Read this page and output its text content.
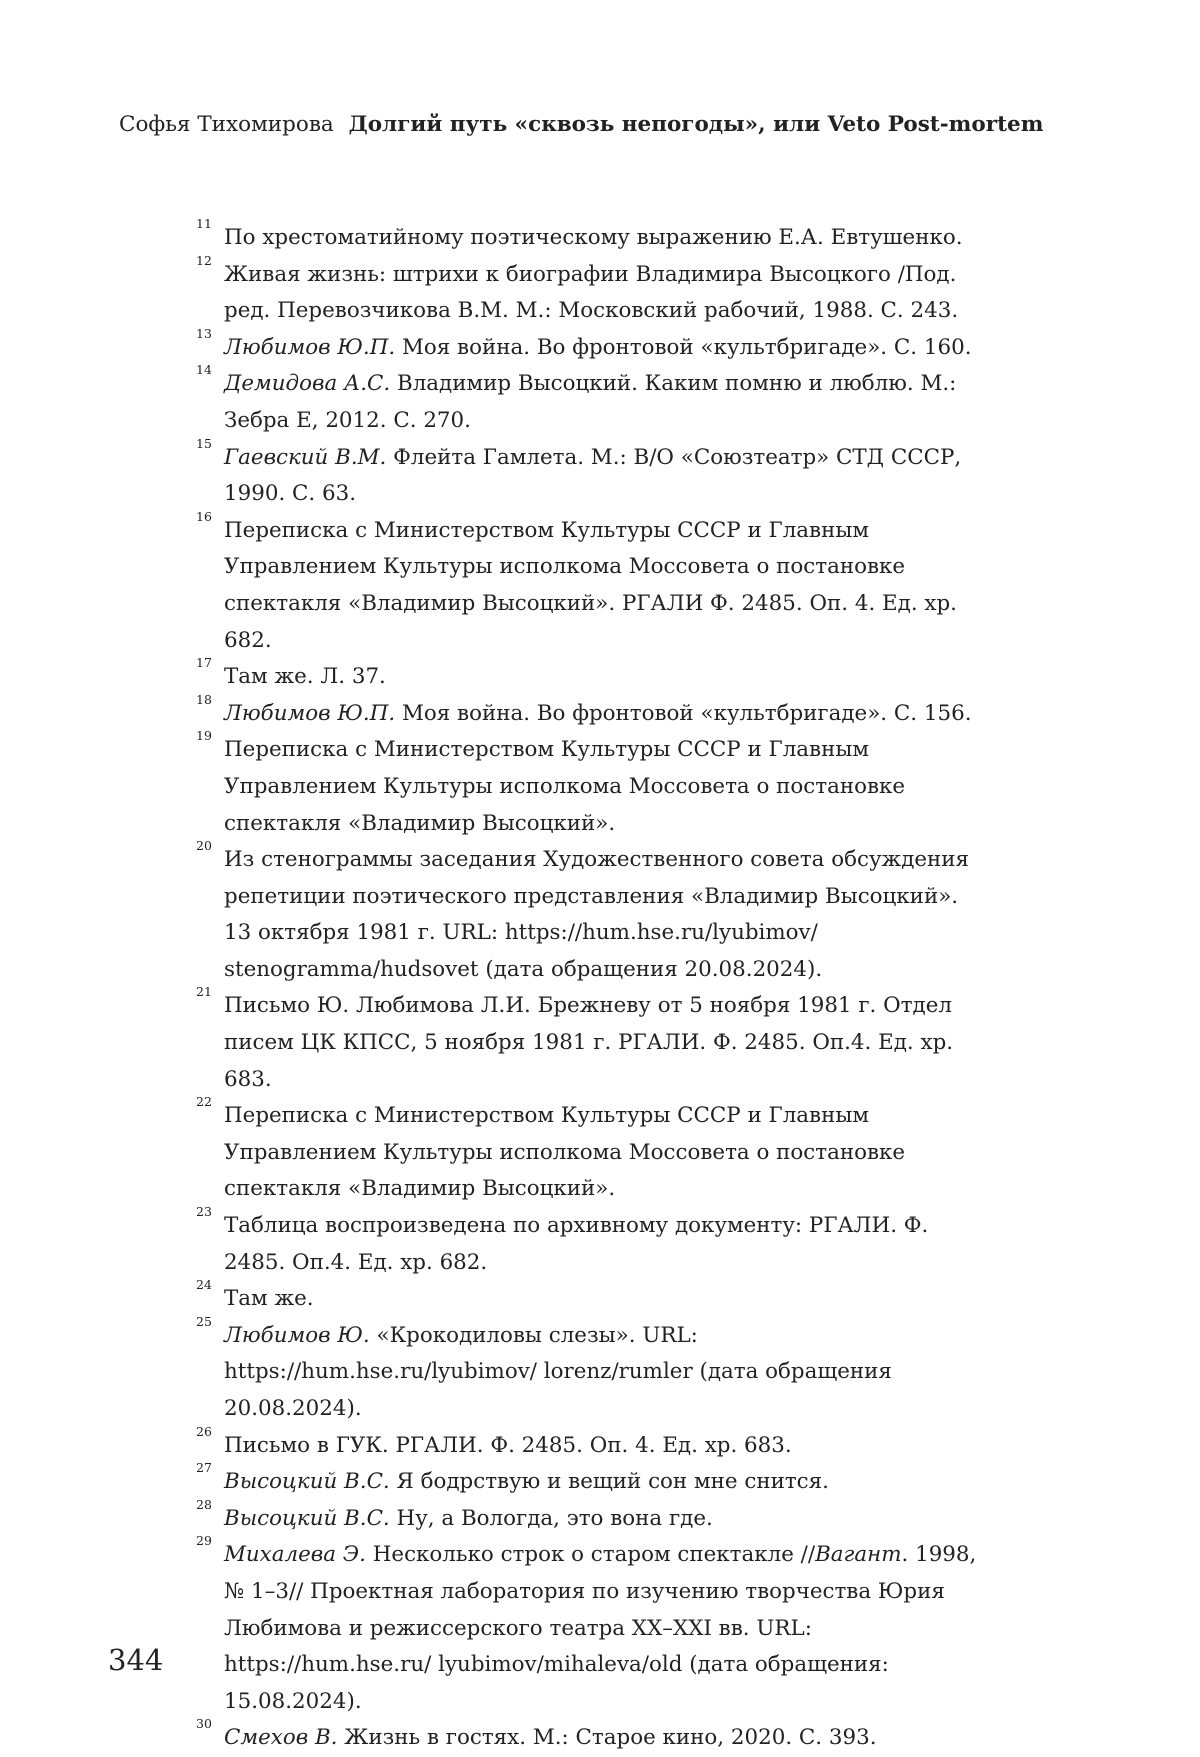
Софья Тихомирова Долгий путь «сквозь непогоды», или Veto Post-mortem
11
По хрестоматийному поэтическому выражению Е.А. Евтушенко.
12
Живая жизнь: штрихи к биографии Владимира Высоцкого /Под. ред. Перевозчикова В.М. М.: Московский рабочий, 1988. С. 243.
13
Любимов Ю.П. Моя война. Во фронтовой «культбригаде». С. 160.
14
Демидова А.С. Владимир Высоцкий. Каким помню и люблю. М.: Зебра Е, 2012. С. 270.
15
Гаевский В.М. Флейта Гамлета. М.: В/О «Союзтеатр» СТД СССР, 1990. С. 63.
16
Переписка с Министерством Культуры СССР и Главным Управлением Культуры исполкома Моссовета о постановке спектакля «Владимир Высоцкий». РГАЛИ Ф. 2485. Оп. 4. Ед. хр. 682.
17
Там же. Л. 37.
18
Любимов Ю.П. Моя война. Во фронтовой «культбригаде». С. 156.
19
Переписка с Министерством Культуры СССР и Главным Управлением Культуры исполкома Моссовета о постановке спектакля «Владимир Высоцкий».
20
Из стенограммы заседания Художественного совета обсуждения репетиции поэтического представления «Владимир Высоцкий». 13 октября 1981 г. URL: https://hum.hse.ru/lyubimov/ stenogramma/hudsovet (дата обращения 20.08.2024).
21
Письмо Ю. Любимова Л.И. Брежневу от 5 ноября 1981 г. Отдел писем ЦК КПСС, 5 ноября 1981 г. РГАЛИ. Ф. 2485. Оп.4. Ед. хр. 683.
22
Переписка с Министерством Культуры СССР и Главным Управлением Культуры исполкома Моссовета о постановке спектакля «Владимир Высоцкий».
23
Таблица воспроизведена по архивному документу: РГАЛИ. Ф. 2485. Оп.4. Ед. хр. 682.
24
Там же.
25
Любимов Ю. «Крокодиловы слезы». URL: https://hum.hse.ru/lyubimov/ lorenz/rumler (дата обращения 20.08.2024).
26
Письмо в ГУК. РГАЛИ. Ф. 2485. Оп. 4. Ед. хр. 683.
27
Высоцкий В.С. Я бодрствую и вещий сон мне снится.
28
Высоцкий В.С. Ну, а Вологда, это вона где.
29
Михалева Э. Несколько строк о старом спектакле //Вагант. 1998, № 1–3// Проектная лаборатория по изучению творчества Юрия Любимова и режиссерского театра XX–XXI вв. URL: https://hum.hse.ru/ lyubimov/mihaleva/old (дата обращения: 15.08.2024).
30
Смехов В. Жизнь в гостях. М.: Старое кино, 2020. С. 393.
344
